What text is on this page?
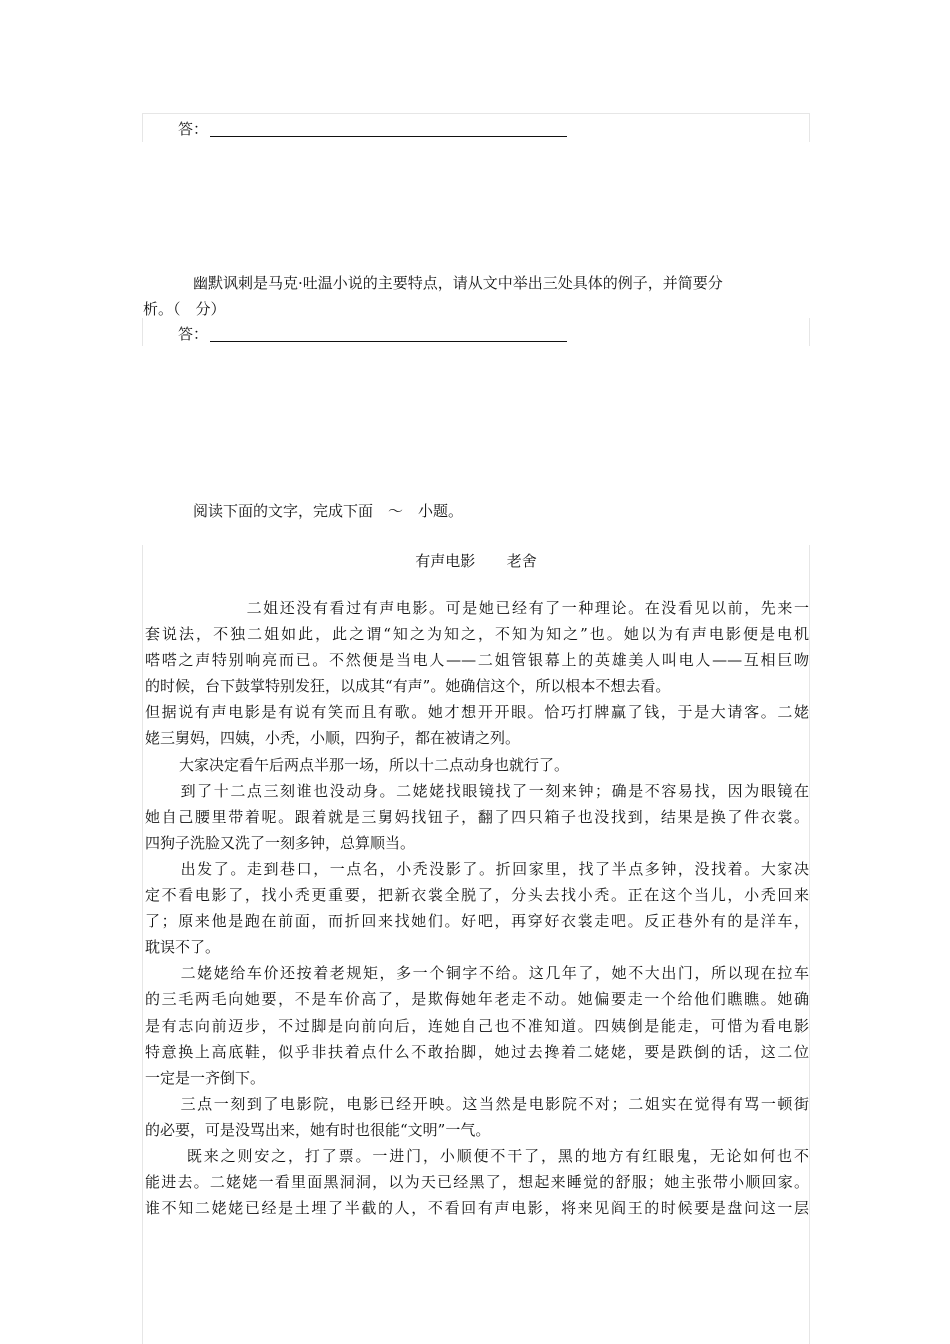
答：
幽默讽刺是马克·吐温小说的主要特点，请从文中举出三处具体的例子，并简要分
析。（　分）
答：
阅读下面的文字，完成下面　～　小题。
有声电影 老舍
二姐还没有看过有声电影。可是她已经有了一种理论。在没看见以前，先来一
套说法，不独二姐如此，此之谓“知之为知之，不知为知之”也。她以为有声电影便是电机
嗒嗒之声特别响亮而已。不然便是当电人——二姐管银幕上的英雄美人叫电人——互相巨吻
的时候，台下鼓掌特别发狂，以成其“有声”。她确信这个，所以根本不想去看。
但据说有声电影是有说有笑而且有歌。她才想开开眼。恰巧打牌赢了钱，于是大请客。二姥
姥三舅妈，四姨，小秃，小顺，四狗子，都在被请之列。
大家决定看午后两点半那一场，所以十二点动身也就行了。
到了十二点三刻谁也没动身。二姥姥找眼镜找了一刻来钟；确是不容易找，因为眼镜在
她自己腰里带着呢。跟着就是三舅妈找钮子，翻了四只箱子也没找到，结果是换了件衣裳。
四狗子洗脸又洗了一刻多钟，总算顺当。
出发了。走到巷口，一点名，小秃没影了。折回家里，找了半点多钟，没找着。大家决
定不看电影了，找小秃更重要，把新衣裳全脱了，分头去找小秃。正在这个当儿，小秃回来
了；原来他是跑在前面，而折回来找她们。好吧，再穿好衣裳走吧。反正巷外有的是洋车，
耽误不了。
二姥姥给车价还按着老规矩，多一个铜字不给。这几年了，她不大出门，所以现在拉车
的三毛两毛向她要，不是车价高了，是欺侮她年老走不动。她偏要走一个给他们瞧瞧。她确
是有志向前迈步，不过脚是向前向后，连她自己也不准知道。四姨倒是能走，可惜为看电影
特意换上高底鞋，似乎非扶着点什么不敢抬脚，她过去搀着二姥姥，要是跌倒的话，这二位
一定是一齐倒下。
三点一刻到了电影院，电影已经开映。这当然是电影院不对；二姐实在觉得有骂一顿街
的必要，可是没骂出来，她有时也很能“文明”一气。
既来之则安之，打了票。一进门，小顺便不干了，黑的地方有红眼鬼，无论如何也不
能进去。二姥姥一看里面黑洞洞，以为天已经黑了，想起来睡觉的舒服；她主张带小顺回家。
谁不知二姥姥已经是土埋了半截的人，不看回有声电影，将来见阎王的时候要是盘问这一层
